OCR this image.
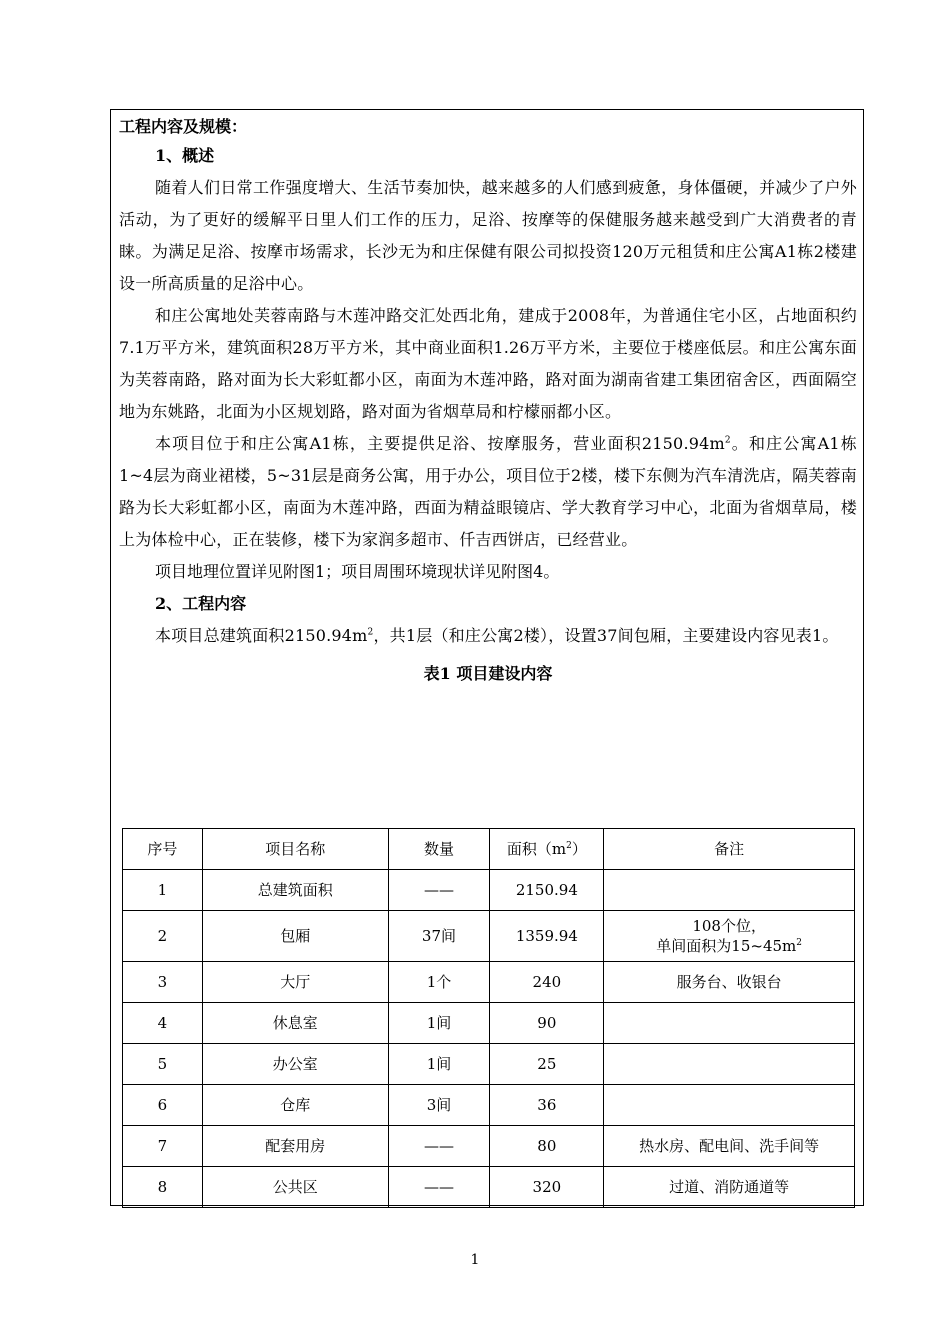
工程内容及规模：
1、概述

随着人们日常工作强度增大、生活节奏加快，越来越多的人们感到疲惫，身体僵硬，并减少了户外活动，为了更好的缓解平日里人们工作的压力，足浴、按摩等的保健服务越来越受到广大消费者的青睐。为满足足浴、按摩市场需求，长沙无为和庄保健有限公司拟投资120万元租赁和庄公寓A1栋2楼建设一所高质量的足浴中心。

和庄公寓地处芙蓉南路与木莲冲路交汇处西北角，建成于2008年，为普通住宅小区，占地面积约7.1万平方米，建筑面积28万平方米，其中商业面积1.26万平方米，主要位于楼座低层。和庄公寓东面为芙蓉南路，路对面为长大彩虹都小区，南面为木莲冲路，路对面为湖南省建工集团宿舍区，西面隔空地为东姚路，北面为小区规划路，路对面为省烟草局和柠檬丽都小区。

本项目位于和庄公寓A1栋，主要提供足浴、按摩服务，营业面积$2150.94m^2$。和庄公寓A1栋1~4层为商业裙楼，5~31层是商务公寓，用于办公，项目位于2楼，楼下东侧为汽车清洗店，隔芙蓉南路为长大彩虹都小区，南面为木莲冲路，西面为精益眼镜店、学大教育学习中心，北面为省烟草局，楼上为体检中心，正在装修，楼下为家润多超市、仟吉西饼店，已经营业。

项目地理位置详见附图1；项目周围环境现状详见附图4。

2、工程内容

本项目总建筑面积$2150.94m^2$，共1层（和庄公寓2楼），设置37间包厢，主要建设内容见表1。

表1 项目建设内容
序号	项目名称	数量	面积$(m^2)$	备注
1	总建筑面积	——	2150.94	
2	包厢	37间	1359.94	108个位，
单间面积为$15\sim 45m^2$

3	大厅	1个	240	服务台、收银台
4	休息室	1间	90	
5	办公室	1间	25	
6	仓库	3间	36	
7	配套用房	——	80	热水房、配电间、洗手间等
8	公共区	——	320	过道、消防通道等
1
